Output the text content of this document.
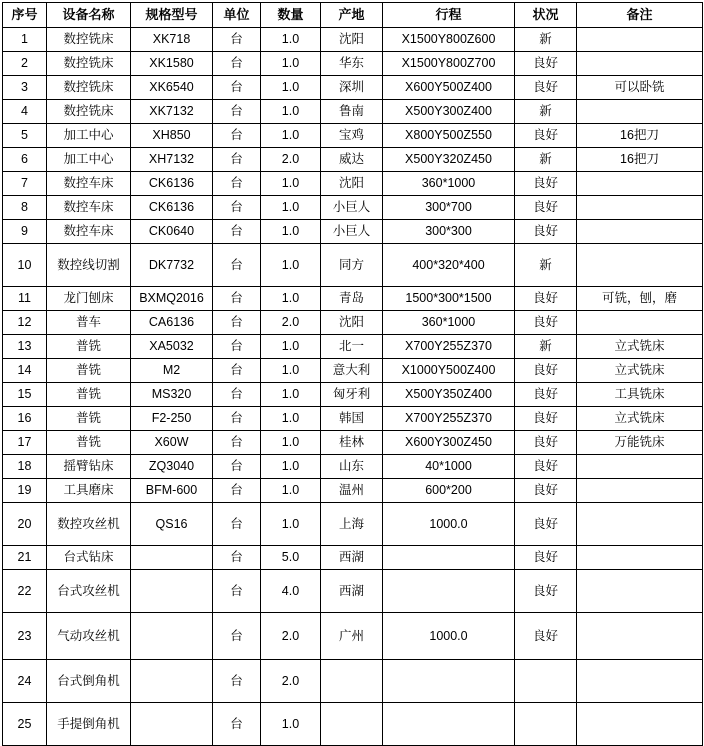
序号	设备名称	规格型号	单位	数量	产地	行程	状况	备注
1	数控铣床	XK718	台	1.0	沈阳	X1500Y800Z600	新	
2	数控铣床	XK1580	台	1.0	华东	X1500Y800Z700	良好	
3	数控铣床	XK6540	台	1.0	深圳	X600Y500Z400	良好	可以卧铣
4	数控铣床	XK7132	台	1.0	鲁南	X500Y300Z400	新	
5	加工中心	XH850	台	1.0	宝鸡	X800Y500Z550	良好	16把刀
6	加工中心	XH7132	台	2.0	威达	X500Y320Z450	新	16把刀
7	数控车床	CK6136	台	1.0	沈阳	360*1000	良好	
8	数控车床	CK6136	台	1.0	小巨人	300*700	良好	
9	数控车床	CK0640	台	1.0	小巨人	300*300	良好	
10	数控线切割	DK7732	台	1.0	同方	400*320*400	新	
11	龙门刨床	BXMQ2016	台	1.0	青岛	1500*300*1500	良好	可铣，刨，磨
12	普车	CA6136	台	2.0	沈阳	360*1000	良好	
13	普铣	XA5032	台	1.0	北一	X700Y255Z370	新	立式铣床
14	普铣	M2	台	1.0	意大利	X1000Y500Z400	良好	立式铣床
15	普铣	MS320	台	1.0	匈牙利	X500Y350Z400	良好	工具铣床
16	普铣	F2-250	台	1.0	韩国	X700Y255Z370	良好	立式铣床
17	普铣	X60W	台	1.0	桂林	X600Y300Z450	良好	万能铣床
18	摇臂钻床	ZQ3040	台	1.0	山东	40*1000	良好	
19	工具磨床	BFM-600	台	1.0	温州	600*200	良好	
20	数控攻丝机	QS16	台	1.0	上海	1000.0	良好	
21	台式钻床		台	5.0	西湖		良好	
22	台式攻丝机		台	4.0	西湖		良好	
23	气动攻丝机		台	2.0	广州	1000.0	良好	
24	台式倒角机		台	2.0				
25	手提倒角机		台	1.0				
